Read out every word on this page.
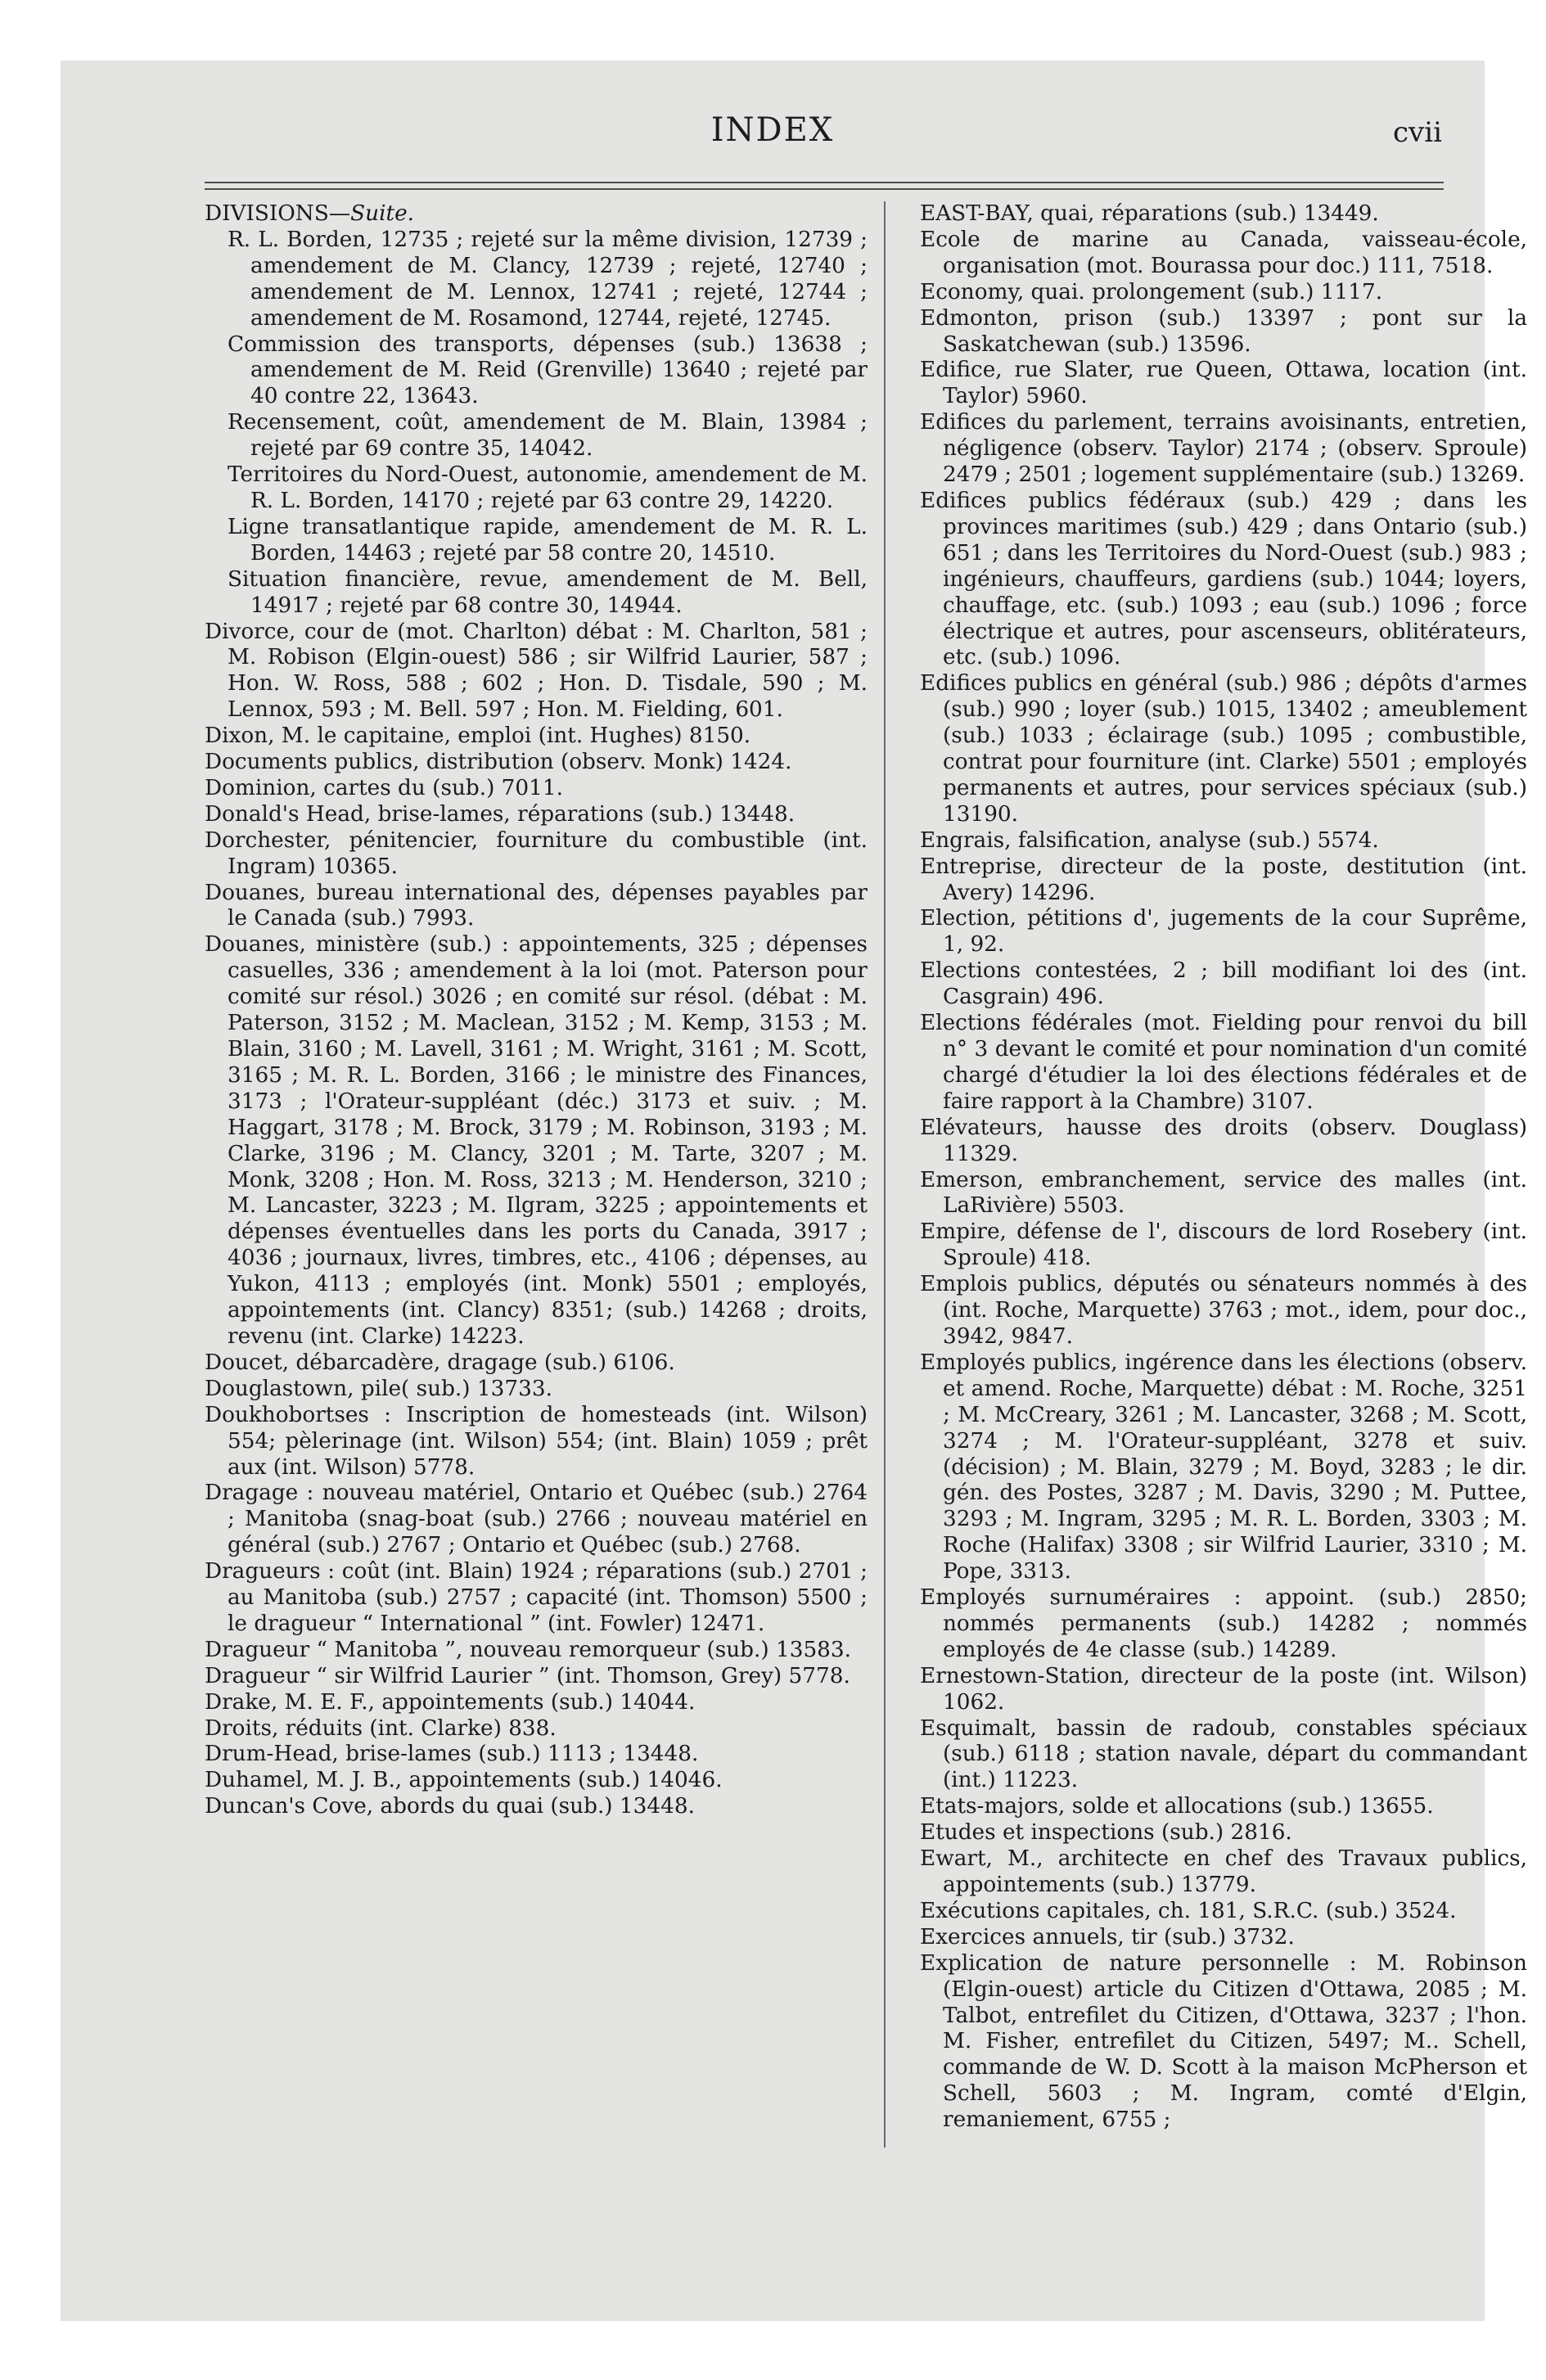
INDEX	cvii
DIVISIONS—Suite.
R. L. Borden, 12735 ; rejeté sur la même division, 12739 ; amendement de M. Clancy, 12739 ; rejeté, 12740 ; amendement de M. Lennox, 12741 ; rejeté, 12744 ; amendement de M. Rosamond, 12744, rejeté, 12745.
Commission des transports, dépenses (sub.) 13638 ; amendement de M. Reid (Grenville) 13640 ; rejeté par 40 contre 22, 13643.
Recensement, coût, amendement de M. Blain, 13984 ; rejeté par 69 contre 35, 14042.
Territoires du Nord-Ouest, autonomie, amendement de M. R. L. Borden, 14170 ; rejeté par 63 contre 29, 14220.
Ligne transatlantique rapide, amendement de M. R. L. Borden, 14463 ; rejeté par 58 contre 20, 14510.
Situation financière, revue, amendement de M. Bell, 14917 ; rejeté par 68 contre 30, 14944.
Divorce, cour de (mot. Charlton) débat : M. Charlton, 581 ; M. Robison (Elgin-ouest) 586 ; sir Wilfrid Laurier, 587 ; Hon. W. Ross, 588 ; 602 ; Hon. D. Tisdale, 590 ; M. Lennox, 593 ; M. Bell. 597 ; Hon. M. Fielding, 601.
Dixon, M. le capitaine, emploi (int. Hughes) 8150.
Documents publics, distribution (observ. Monk) 1424.
Dominion, cartes du (sub.) 7011.
Donald's Head, brise-lames, réparations (sub.) 13448.
Dorchester, pénitencier, fourniture du combustible (int. Ingram) 10365.
Douanes, bureau international des, dépenses payables par le Canada (sub.) 7993.
Douanes, ministère (sub.) : appointements, 325 ; dépenses casuelles, 336 ; amendement à la loi (mot. Paterson pour comité sur résol.) 3026 ; en comité sur résol. (débat : M. Paterson, 3152 ; M. Maclean, 3152 ; M. Kemp, 3153 ; M. Blain, 3160 ; M. Lavell, 3161 ; M. Wright, 3161 ; M. Scott, 3165 ; M. R. L. Borden, 3166 ; le ministre des Finances, 3173 ; l'Orateur-suppléant (déc.) 3173 et suiv. ; M. Haggart, 3178 ; M. Brock, 3179 ; M. Robinson, 3193 ; M. Clarke, 3196 ; M. Clancy, 3201 ; M. Tarte, 3207 ; M. Monk, 3208 ; Hon. M. Ross, 3213 ; M. Henderson, 3210 ; M. Lancaster, 3223 ; M. Ilgram, 3225 ; appointements et dépenses éventuelles dans les ports du Canada, 3917 ; 4036 ; journaux, livres, timbres, etc., 4106 ; dépenses, au Yukon, 4113 ; employés (int. Monk) 5501 ; employés, appointements (int. Clancy) 8351; (sub.) 14268 ; droits, revenu (int. Clarke) 14223.
Doucet, débarcadère, dragage (sub.) 6106.
Douglastown, pile( sub.) 13733.
Doukhobortses : Inscription de homesteads (int. Wilson) 554; pèlerinage (int. Wilson) 554; (int. Blain) 1059 ; prêt aux (int. Wilson) 5778.
Dragage : nouveau matériel, Ontario et Québec (sub.) 2764 ; Manitoba (snag-boat (sub.) 2766 ; nouveau matériel en général (sub.) 2767 ; Ontario et Québec (sub.) 2768.
Dragueurs : coût (int. Blain) 1924 ; réparations (sub.) 2701 ; au Manitoba (sub.) 2757 ; capacité (int. Thomson) 5500 ; le dragueur “ International ” (int. Fowler) 12471.
Dragueur “ Manitoba ”, nouveau remorqueur (sub.) 13583.
Dragueur “ sir Wilfrid Laurier ” (int. Thomson, Grey) 5778.
Drake, M. E. F., appointements (sub.) 14044.
Droits, réduits (int. Clarke) 838.
Drum-Head, brise-lames (sub.) 1113 ; 13448.
Duhamel, M. J. B., appointements (sub.) 14046.
Duncan's Cove, abords du quai (sub.) 13448.
EAST-BAY, quai, réparations (sub.) 13449.
Ecole de marine au Canada, vaisseau-école, organisation (mot. Bourassa pour doc.) 111, 7518.
Economy, quai. prolongement (sub.) 1117.
Edmonton, prison (sub.) 13397 ; pont sur la Saskatchewan (sub.) 13596.
Edifice, rue Slater, rue Queen, Ottawa, location (int. Taylor) 5960.
Edifices du parlement, terrains avoisinants, entretien, négligence (observ. Taylor) 2174 ; (observ. Sproule) 2479 ; 2501 ; logement supplémentaire (sub.) 13269.
Edifices publics fédéraux (sub.) 429 ; dans les provinces maritimes (sub.) 429 ; dans Ontario (sub.) 651 ; dans les Territoires du Nord-Ouest (sub.) 983 ; ingénieurs, chauffeurs, gardiens (sub.) 1044; loyers, chauffage, etc. (sub.) 1093 ; eau (sub.) 1096 ; force électrique et autres, pour ascenseurs, oblitérateurs, etc. (sub.) 1096.
Edifices publics en général (sub.) 986 ; dépôts d'armes (sub.) 990 ; loyer (sub.) 1015, 13402 ; ameublement (sub.) 1033 ; éclairage (sub.) 1095 ; combustible, contrat pour fourniture (int. Clarke) 5501 ; employés permanents et autres, pour services spéciaux (sub.) 13190.
Engrais, falsification, analyse (sub.) 5574.
Entreprise, directeur de la poste, destitution (int. Avery) 14296.
Election, pétitions d', jugements de la cour Suprême, 1, 92.
Elections contestées, 2 ; bill modifiant loi des (int. Casgrain) 496.
Elections fédérales (mot. Fielding pour renvoi du bill n° 3 devant le comité et pour nomination d'un comité chargé d'étudier la loi des élections fédérales et de faire rapport à la Chambre) 3107.
Elévateurs, hausse des droits (observ. Douglass) 11329.
Emerson, embranchement, service des malles (int. LaRivière) 5503.
Empire, défense de l', discours de lord Rosebery (int. Sproule) 418.
Emplois publics, députés ou sénateurs nommés à des (int. Roche, Marquette) 3763 ; mot., idem, pour doc., 3942, 9847.
Employés publics, ingérence dans les élections (observ. et amend. Roche, Marquette) débat : M. Roche, 3251 ; M. McCreary, 3261 ; M. Lancaster, 3268 ; M. Scott, 3274 ; M. l'Orateur-suppléant, 3278 et suiv. (décision) ; M. Blain, 3279 ; M. Boyd, 3283 ; le dir. gén. des Postes, 3287 ; M. Davis, 3290 ; M. Puttee, 3293 ; M. Ingram, 3295 ; M. R. L. Borden, 3303 ; M. Roche (Halifax) 3308 ; sir Wilfrid Laurier, 3310 ; M. Pope, 3313.
Employés surnuméraires : appoint. (sub.) 2850; nommés permanents (sub.) 14282 ; nommés employés de 4e classe (sub.) 14289.
Ernestown-Station, directeur de la poste (int. Wilson) 1062.
Esquimalt, bassin de radoub, constables spéciaux (sub.) 6118 ; station navale, départ du commandant (int.) 11223.
Etats-majors, solde et allocations (sub.) 13655.
Etudes et inspections (sub.) 2816.
Ewart, M., architecte en chef des Travaux publics, appointements (sub.) 13779.
Exécutions capitales, ch. 181, S.R.C. (sub.) 3524.
Exercices annuels, tir (sub.) 3732.
Explication de nature personnelle : M. Robinson (Elgin-ouest) article du Citizen d'Ottawa, 2085 ; M. Talbot, entrefilet du Citizen, d'Ottawa, 3237 ; l'hon. M. Fisher, entrefilet du Citizen, 5497; M.. Schell, commande de W. D. Scott à la maison McPherson et Schell, 5603 ; M. Ingram, comté d'Elgin, remaniement, 6755 ;
